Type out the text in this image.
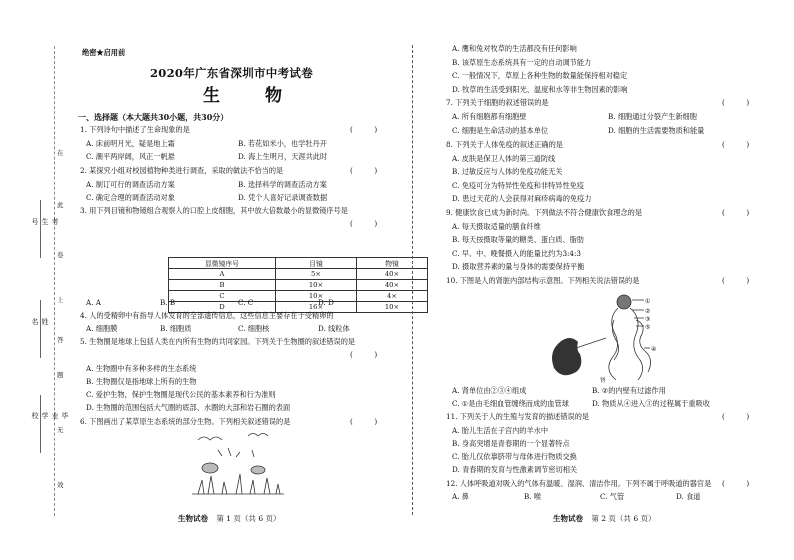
考生号
姓名
毕业学校
在
此
卷
上
答
题
无
效
绝密★启用前
2020年广东省深圳市中考试卷
生　物
一、选择题（本大题共30小题，共30分）
1. 下列诗句中描述了生命现象的是	(　　　)
A. 床前明月光，疑是地上霜	B. 若花如米小，也学牡丹开
C. 潮平两岸阔，风正一帆悬	D. 海上生明月，天涯共此时
2. 某探究小组对校园植物种类进行调查，采取的做法不恰当的是	(　　　)
A. 制订可行的调查活动方案	B. 选择科学的调查活动方案
C. 确定合理的调查活动对象	D. 凭个人喜好记录调查数据
3. 用下列目镜和物镜组合观察人的口腔上皮细胞，其中放大倍数最小的显微镜序号是
(　　　)
显微镜序号	目镜	物镜
A	5×	40×
B	10×	40×
C	10×	4×
D	16×	10×
A. A	B. B	C. C	D. D
4. 人的受精卵中有指导人体发育的全部遗传信息，这些信息主要存在于受精卵的
A. 细胞膜	B. 细胞质	C. 细胞核	D. 线粒体
5. 生物圈是地球上包括人类在内所有生物的共同家园。下列关于生物圈的叙述错误的是
(　　　)
A. 生物圈中有多种多样的生态系统
B. 生物圈仅是指地球上所有的生物
C. 爱护生物，保护生物圈是现代公民的基本素养和行为准则
D. 生物圈的范围包括大气圈的底部、水圈的大部和岩石圈的表面
6. 下图画出了某草原生态系统的部分生物。下列相关叙述错误的是	(　　　)
A. 鹰和兔对牧草的生活都没有任何影响
B. 该草原生态系统具有一定的自动调节能力
C. 一般情况下，草原上各种生物的数量能保持相对稳定
D. 牧草的生活受到阳光、温度和水等非生物因素的影响
7. 下列关于细胞的叙述错误的是	(　　　)
A. 所有细胞都有细胞壁	B. 细胞通过分裂产生新细胞
C. 细胞是生命活动的基本单位	D. 细胞的生活需要物质和能量
8. 下列关于人体免疫的叙述正确的是	(　　　)
A. 皮肤是保卫人体的第三道防线
B. 过敏反应与人体的免疫功能无关
C. 免疫可分为特异性免疫和非特异性免疫
D. 患过天花的人会获得对麻疹病毒的免疫力
9. 健康饮食已成为新时尚。下列做法不符合健康饮食理念的是	(　　　)
A. 每天摄取适量的膳食纤维
B. 每天按摄取等量的糖类、蛋白质、脂肪
C. 早、中、晚餐摄入的能量比约为3:4:3
D. 摄取营养素的量与身体的需要保持平衡
10. 下图是人的肾脏内部结构示意图。下列相关说法错误的是	(　　　)
①
②
③
④
⑤
肾
A. 肾单位由②③④组成	B. ②的内壁有过滤作用
C. ①是由毛细血管缠绕而成的血管球	D. 物质从④进入③的过程属于重吸收
11. 下列关于人的生殖与发育的描述错误的是	(　　　)
A. 胎儿生活在子宫内的羊水中
B. 身高突增是青春期的一个显著特点
C. 胎儿仅依靠脐带与母体进行物质交换
D. 青春期的发育与性激素调节密切相关
12. 人体呼吸道对吸入的气体有温暖、湿润、清洁作用。下列不属于呼吸道的器官是 (　　　)
A. 鼻	B. 喉	C. 气管	D. 食道
生物试卷 第 1 页（共 6 页）	生物试卷 第 2 页（共 6 页）
